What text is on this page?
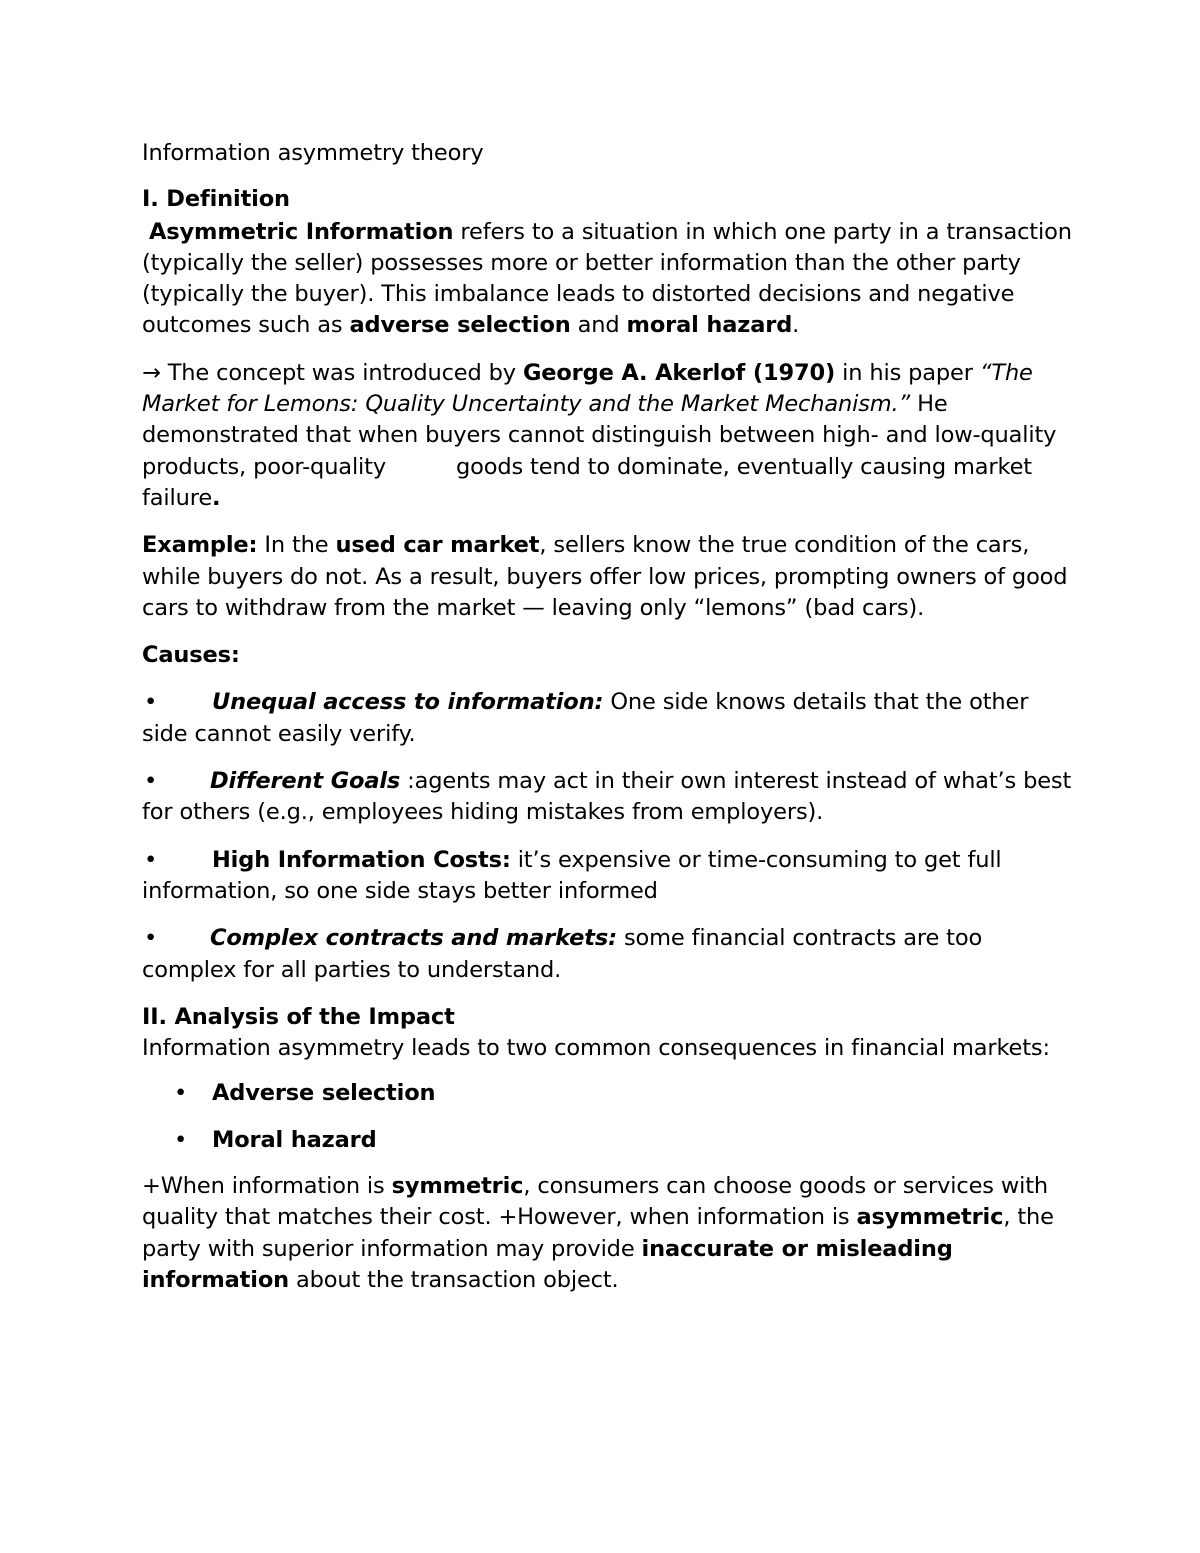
Information asymmetry theory

I. Definition

Asymmetric Information refers to a situation in which one party in a transaction (typically the seller) possesses more or better information than the other party (typically the buyer). This imbalance leads to distorted decisions and negative outcomes such as adverse selection and moral hazard.

→ The concept was introduced by George A. Akerlof (1970) in his paper “The Market for Lemons: Quality Uncertainty and the Market Mechanism.” He demonstrated that when buyers cannot distinguish between high- and low-quality products, poor-quality	goods tend to dominate, eventually causing market failure.

Example: In the used car market, sellers know the true condition of the cars, while buyers do not. As a result, buyers offer low prices, prompting owners of good cars to withdraw from the market — leaving only “lemons” (bad cars).

Causes:

• Unequal access to information: One side knows details that the other side cannot easily verify.

• Different Goals :agents may act in their own interest instead of what’s best for others (e.g., employees hiding mistakes from employers).

• High Information Costs: it’s expensive or time-consuming to get full information, so one side stays better informed

• Complex contracts and markets: some financial contracts are too complex for all parties to understand.

II. Analysis of the Impact

Information asymmetry leads to two common consequences in financial markets:

• Adverse selection
• Moral hazard

+When information is symmetric, consumers can choose goods or services with quality that matches their cost. +However, when information is asymmetric, the party with superior information may provide inaccurate or misleading information about the transaction object.
